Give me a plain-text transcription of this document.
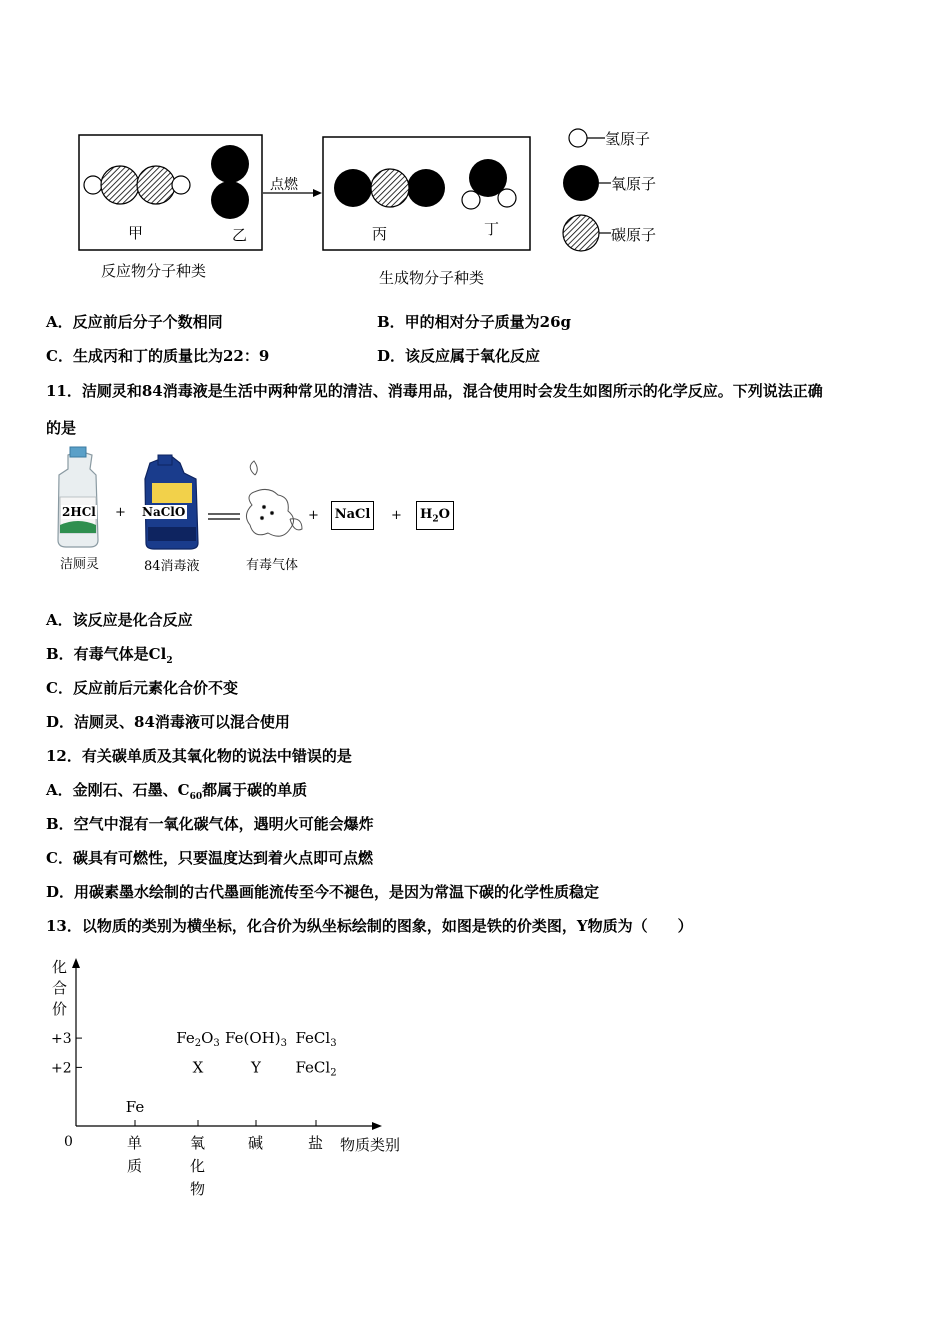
甲	乙
点燃
丙	丁
反应物分子种类	生成物分子种类
氢原子
氧原子
碳原子
A．反应前后分子个数相同	B．甲的相对分子质量为26g
C．生成丙和丁的质量比为22：9	D．该反应属于氧化反应
11．洁厕灵和84消毒液是生活中两种常见的清洁、消毒用品，混合使用时会发生如图所示的化学反应。下列说法正确
的是
2HCl	NaClO
+	+ NaCl +	$H_2O$
洁厕灵	84消毒液	有毒气体
A．该反应是化合反应
B．有毒气体是$Cl_2$
C．反应前后元素化合价不变
D．洁厕灵、84消毒液可以混合使用
12．有关碳单质及其氧化物的说法中错误的是
A．金刚石、石墨、$C_{60}$都属于碳的单质
B．空气中混有一氧化碳气体，遇明火可能会爆炸
C．碳具有可燃性，只要温度达到着火点即可点燃
D．用碳素墨水绘制的古代墨画能流传至今不褪色，是因为常温下碳的化学性质稳定
13．以物质的类别为横坐标，化合价为纵坐标绘制的图象，如图是铁的价类图，Y物质为（　　）
化
合
价
物质类别
0
+3
+2
单
质
氧
化
物
碱	盐
Fe
$Fe_2O_3$
X
$Fe(OH)_3$
Y
FeCl$_3$
FeCl$_2$
